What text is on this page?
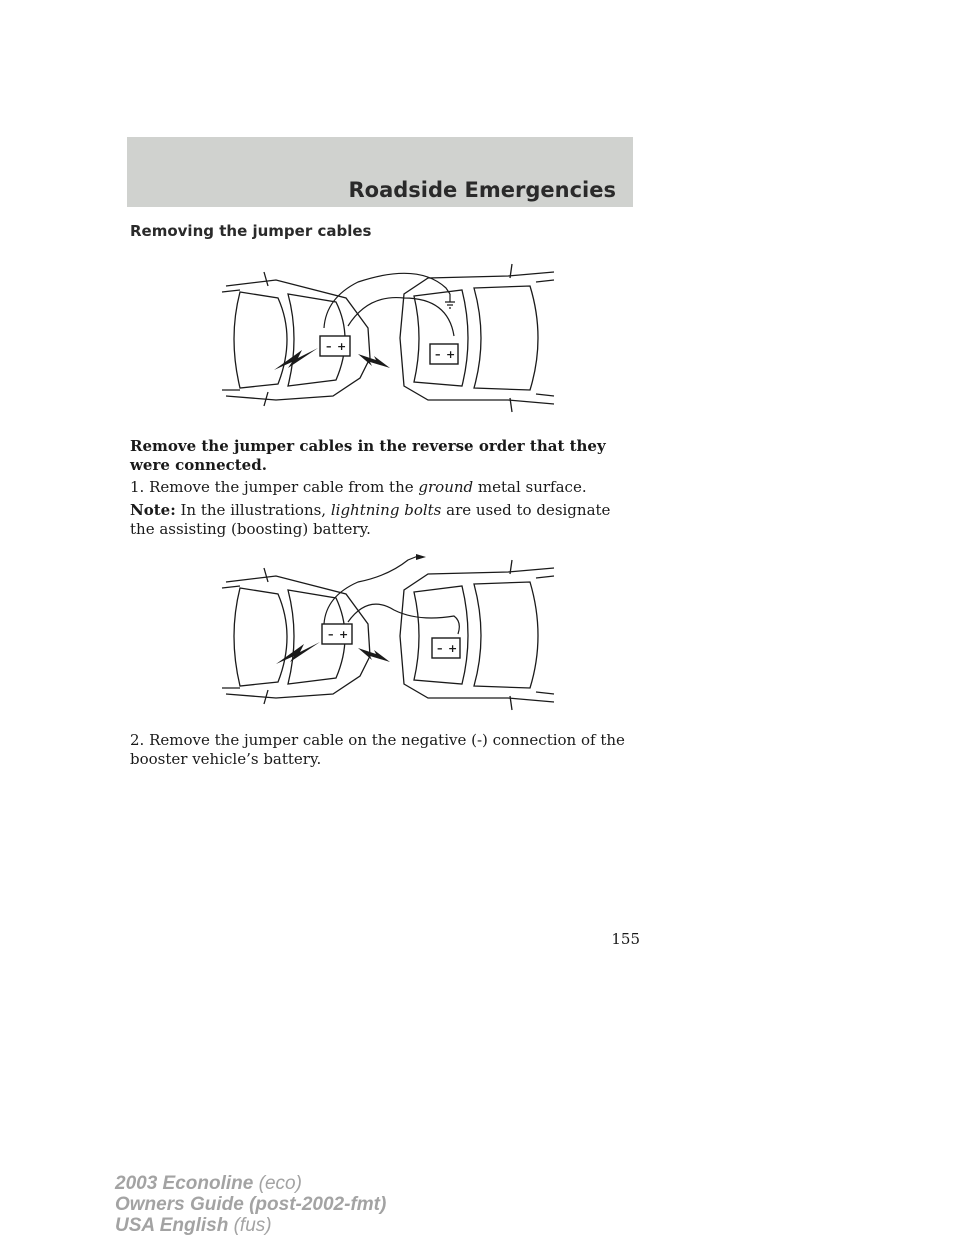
Roadside Emergencies
Removing the jumper cables
– +
– +

Remove the jumper cables in the reverse order that they were connected.

1. Remove the jumper cable from the ground metal surface.

Note: In the illustrations, lightning bolts are used to designate the assisting (boosting) battery.

– +
– +

2. Remove the jumper cable on the negative (-) connection of the booster vehicle’s battery.

155
2003 Econoline (eco)
Owners Guide (post-2002-fmt)
USA English (fus)
